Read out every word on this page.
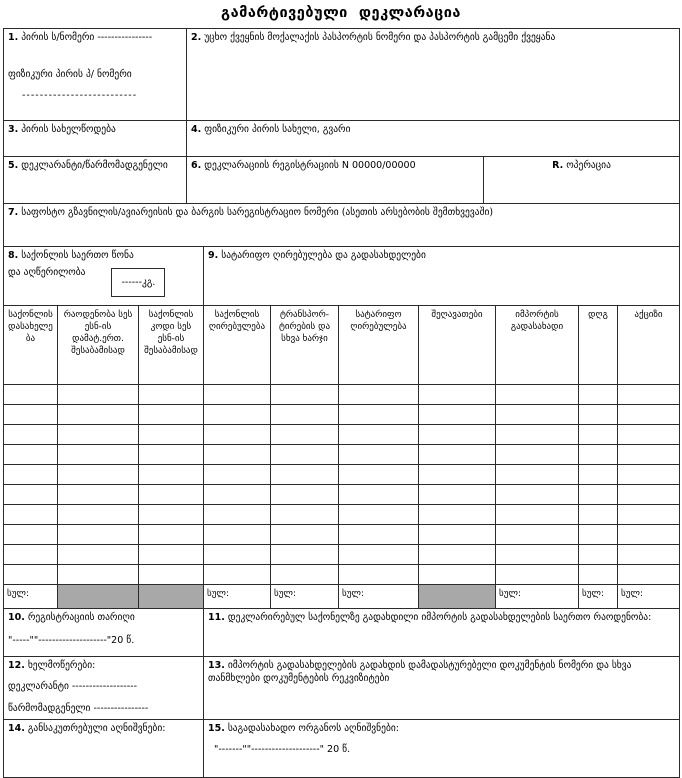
გამარტივებული  დეკლარაცია
1. პირის ს/ნომერი ----------------
ფიზიკური პირის პ/ ნომერი
--------------------------	2. უცხო ქვეყნის მოქალაქის პასპორტის ნომერი და პასპორტის გამცემი ქვეყანა	
3. პირის სახელწოდება	4. ფიზიკური პირის სახელი, გვარი	
5. დეკლარანტი/წარმომადგენელი	6. დეკლარაციის რეგისტრაციის N 00000/00000	R. ოპერაცია
7. საფოსტო გზავნილის/ავიარეისის და ბარგის სარეგისტრაციო ნომერი (ასეთის არსებობის შემთხვევაში)		
8. საქონლის საერთო წონა
და აღწერილობა
------კგ.
	9. სატარიფო ღირებულება და გადასახდელები
საქონლის დასახელება	რაოდენობა სეს ესნ-ის დამატ.ერთ. შესაბამისად	საქონლის კოდი სეს ესნ-ის შესაბამისად	საქონლის ღირებულება	ტრანსპორ- ტირების და სხვა ხარჯი	სატარიფო ღირებულება	შეღავათები	იმპორტის გადასახადი	დღგ	აქციზი

სულ:			სულ:	სულ:	სულ:		სულ:	სულ:	სულ:
10. რეგისტრაციის თარიღი
"-----""--------------------"20 წ.	11. დეკლარირებულ საქონელზე გადახდილი იმპორტის გადასახდელების საერთო რაოდენობა:

12. ხელმოწერები:
დეკლარანტი -------------------
წარმომადგენელი ----------------	13. იმპორტის გადასახდელების გადახდის დამადასტურებელი დოკუმენტის ნომერი და სხვა თანმხლები დოკუმენტების რეკვიზიტები
14. განსაკუთრებული აღნიშვნები:	15. საგადასახადო ორგანოს აღნიშვნები:
"-------""--------------------" 20 წ.
